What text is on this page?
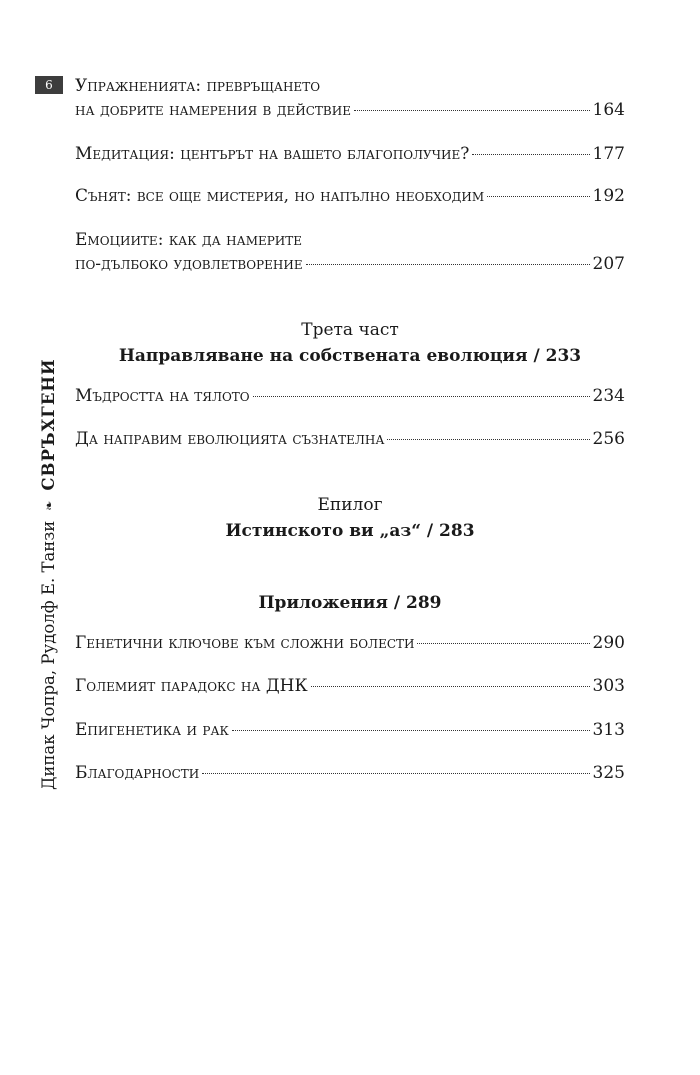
6
Дипак Чопра, Рудолф Е. Танзи
❧
СВРЪХГЕНИ
Упражненията: превръщането
на добрите намерения в действие	164
Медитация: центърът на вашето благополучие?	177
Сънят: все още мистерия, но напълно необходим	192
Емоциите: как да намерите
по-дълбоко удовлетворение	207
Трета част
Направляване на собствената еволюция / 233
Мъдростта на тялото	234
Да направим еволюцията съзнателна	256
Епилог
Истинското ви „аз“ / 283
Приложения / 289
Генетични ключове към сложни болести	290
Големият парадокс на ДНК	303
Епигенетика и рак	313
Благодарности	325
